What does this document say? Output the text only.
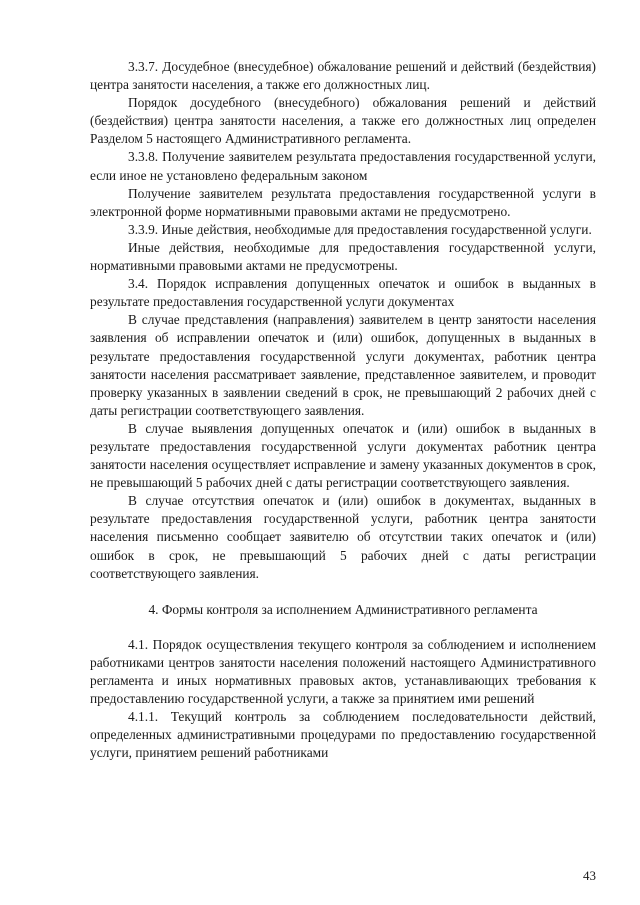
3.3.7. Досудебное (внесудебное) обжалование решений и действий (бездействия) центра занятости населения, а также его должностных лиц.

Порядок досудебного (внесудебного) обжалования решений и действий (бездействия) центра занятости населения, а также его должностных лиц определен Разделом 5 настоящего Административного регламента.

3.3.8. Получение заявителем результата предоставления государственной услуги, если иное не установлено федеральным законом

Получение заявителем результата предоставления государственной услуги в электронной форме нормативными правовыми актами не предусмотрено.

3.3.9. Иные действия, необходимые для предоставления государственной услуги.

Иные действия, необходимые для предоставления государственной услуги, нормативными правовыми актами не предусмотрены.

3.4. Порядок исправления допущенных опечаток и ошибок в выданных в результате предоставления государственной услуги документах

В случае представления (направления) заявителем в центр занятости населения заявления об исправлении опечаток и (или) ошибок, допущенных в выданных в результате предоставления государственной услуги документах, работник центра занятости населения рассматривает заявление, представленное заявителем, и проводит проверку указанных в заявлении сведений в срок, не превышающий 2 рабочих дней с даты регистрации соответствующего заявления.

В случае выявления допущенных опечаток и (или) ошибок в выданных в результате предоставления государственной услуги документах работник центра занятости населения осуществляет исправление и замену указанных документов в срок, не превышающий 5 рабочих дней с даты регистрации соответствующего заявления.

В случае отсутствия опечаток и (или) ошибок в документах, выданных в результате предоставления государственной услуги, работник центра занятости населения письменно сообщает заявителю об отсутствии таких опечаток и (или) ошибок в срок, не превышающий 5 рабочих дней с даты регистрации соответствующего заявления.

4. Формы контроля за исполнением Административного регламента

4.1. Порядок осуществления текущего контроля за соблюдением и исполнением работниками центров занятости населения положений настоящего Административного регламента и иных нормативных правовых актов, устанавливающих требования к предоставлению государственной услуги, а также за принятием ими решений

4.1.1. Текущий контроль за соблюдением последовательности действий, определенных административными процедурами по предоставлению государственной услуги, принятием решений работниками

43
